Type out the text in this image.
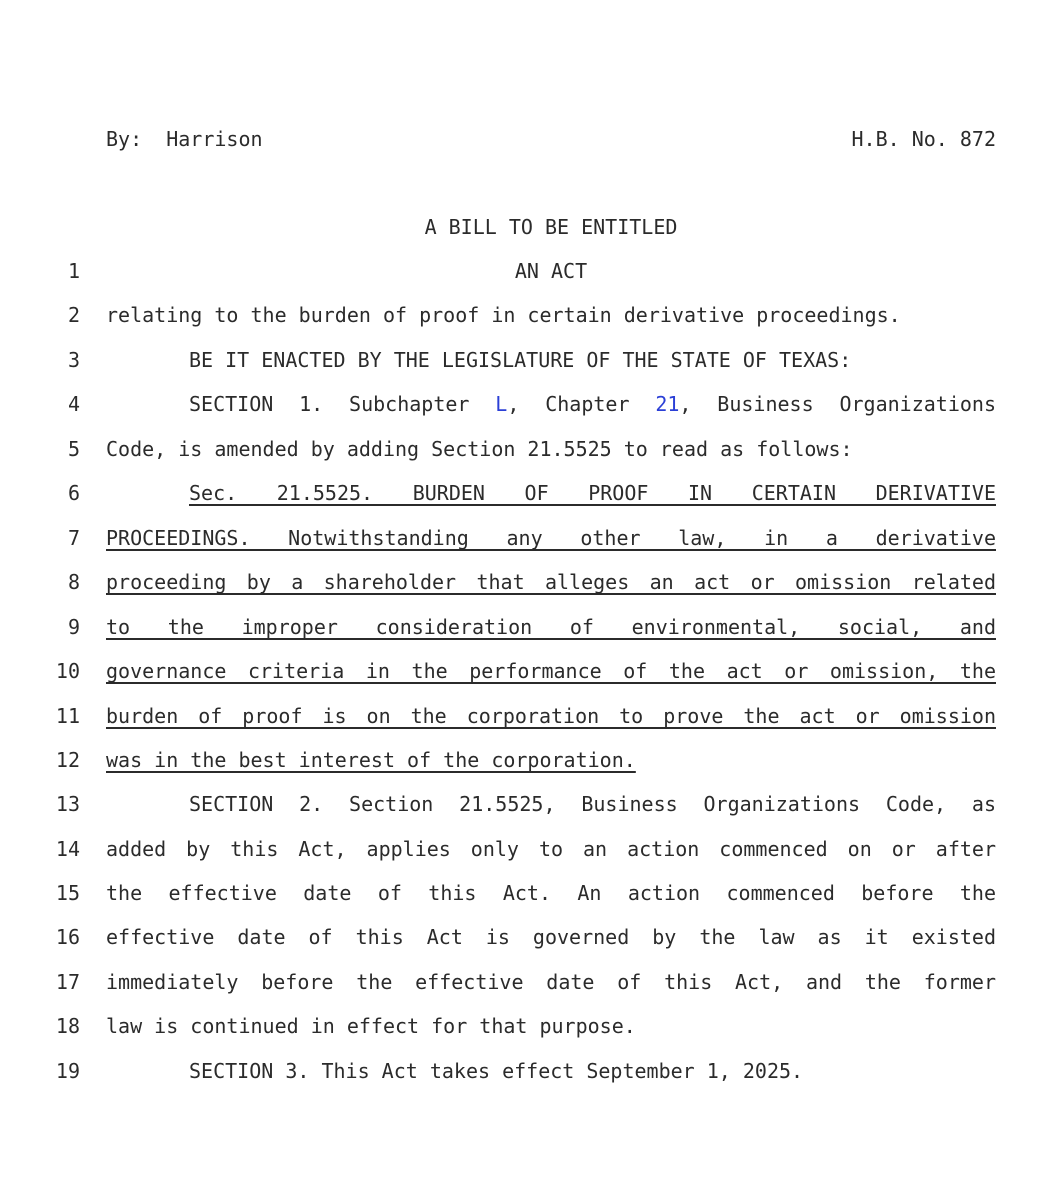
By:  Harrison	H.B. No. 872
A BILL TO BE ENTITLED
1	AN ACT
2 relating to the burden of proof in certain derivative proceedings.
3	BE IT ENACTED BY THE LEGISLATURE OF THE STATE OF TEXAS:
4	SECTION 1. Subchapter L, Chapter 21, Business Organizations
5 Code, is amended by adding Section 21.5525 to read as follows:
6	Sec. 21.5525. BURDEN OF PROOF IN CERTAIN DERIVATIVE
7 PROCEEDINGS. Notwithstanding any other law, in a derivative
8 proceeding by a shareholder that alleges an act or omission related
9 to the improper consideration of environmental, social, and
10 governance criteria in the performance of the act or omission, the
11 burden of proof is on the corporation to prove the act or omission
12 was in the best interest of the corporation.
13	SECTION 2. Section 21.5525, Business Organizations Code, as
14 added by this Act, applies only to an action commenced on or after
15 the effective date of this Act. An action commenced before the
16 effective date of this Act is governed by the law as it existed
17 immediately before the effective date of this Act, and the former
18 law is continued in effect for that purpose.
19	SECTION 3. This Act takes effect September 1, 2025.
